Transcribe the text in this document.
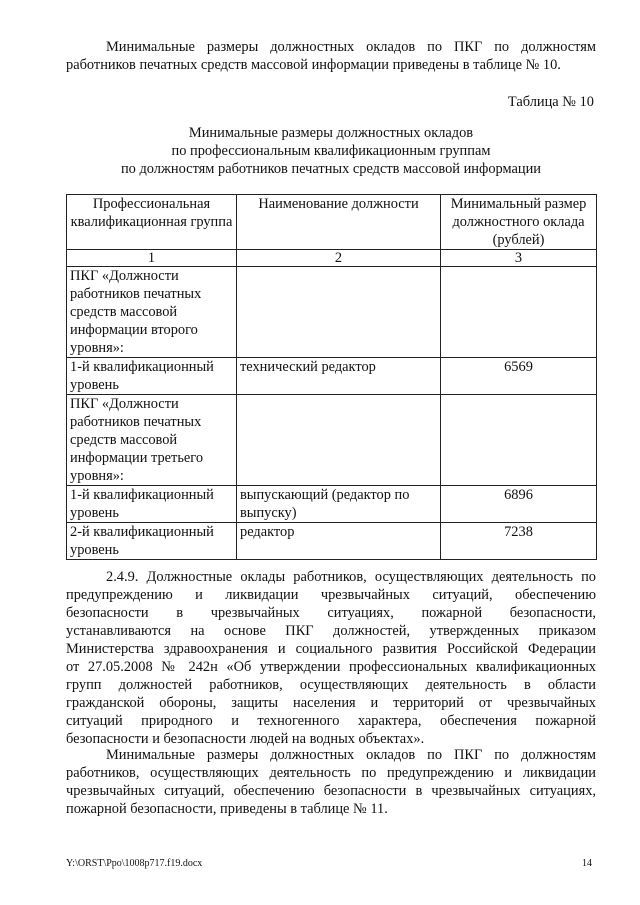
Минимальные размеры должностных окладов по ПКГ по должностям
работников печатных средств массовой информации приведены в таблице № 10.
Таблица № 10
Минимальные размеры должностных окладов
по профессиональным квалификационным группам
по должностям работников печатных средств массовой информации
Профессиональная квалификационная группа	Наименование должности	Минимальный размер должностного оклада (рублей)
1	2	3
ПКГ «Должности работников печатных средств массовой информации второго уровня»:		
1-й квалификационный уровень	технический редактор	6569
ПКГ «Должности работников печатных средств массовой информации третьего уровня»:		
1-й квалификационный уровень	выпускающий (редактор по выпуску)	6896
2-й квалификационный уровень	редактор	7238
2.4.9. Должностные оклады работников, осуществляющих деятельность по
предупреждению и ликвидации чрезвычайных ситуаций, обеспечению
безопасности в чрезвычайных ситуациях, пожарной безопасности,
устанавливаются на основе ПКГ должностей, утвержденных приказом
Министерства здравоохранения и социального развития Российской Федерации
от 27.05.2008 № 242н «Об утверждении профессиональных квалификационных
групп должностей работников, осуществляющих деятельность в области
гражданской обороны, защиты населения и территорий от чрезвычайных
ситуаций природного и техногенного характера, обеспечения пожарной
безопасности и безопасности людей на водных объектах».
Минимальные размеры должностных окладов по ПКГ по должностям
работников, осуществляющих деятельность по предупреждению и ликвидации
чрезвычайных ситуаций, обеспечению безопасности в чрезвычайных ситуациях,
пожарной безопасности, приведены в таблице № 11.
Y:\ORST\Ppo\1008p717.f19.docx	14
